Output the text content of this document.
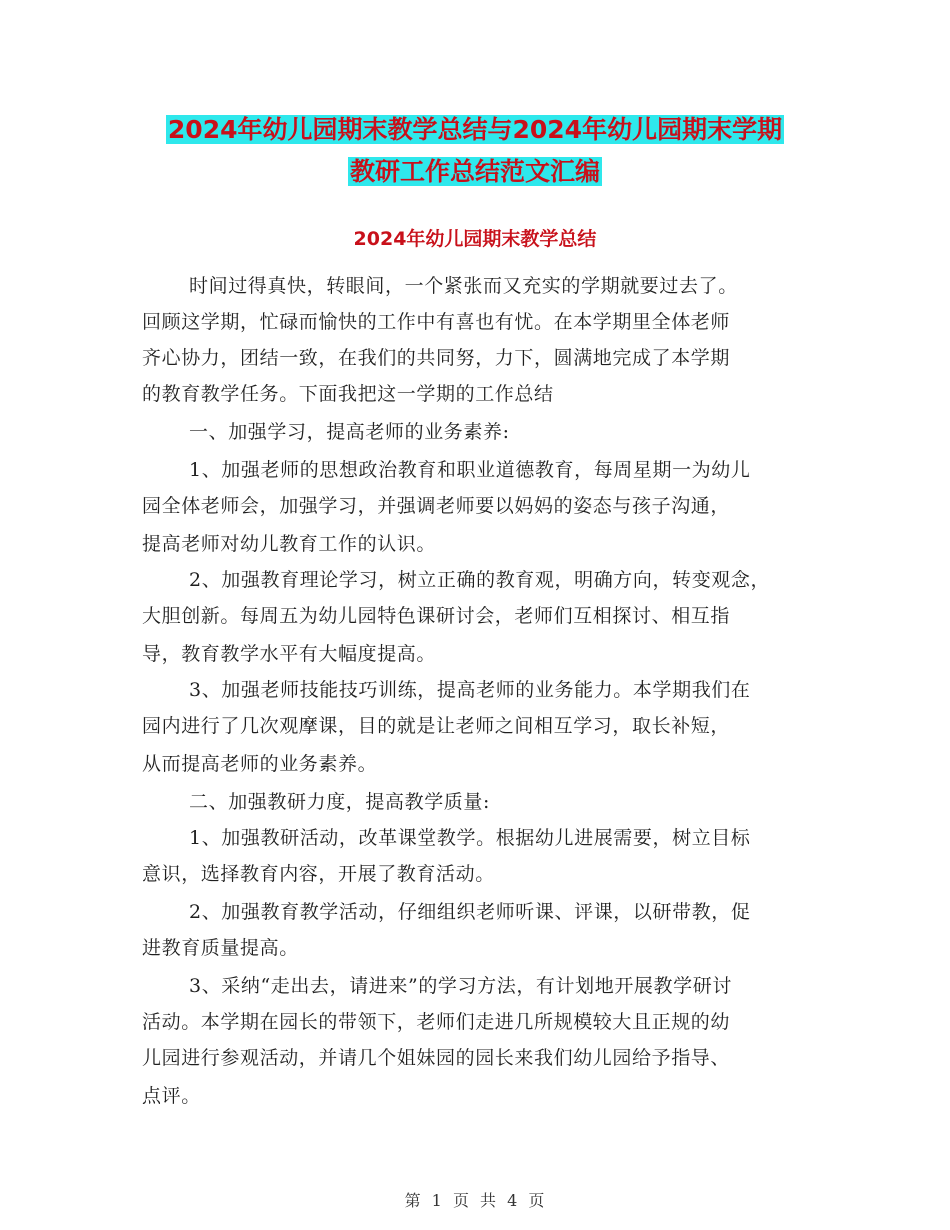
2024年幼儿园期末教学总结与2024年幼儿园期末学期
教研工作总结范文汇编
2024年幼儿园期末教学总结
时间过得真快，转眼间，一个紧张而又充实的学期就要过去了。
回顾这学期，忙碌而愉快的工作中有喜也有忧。在本学期里全体老师
齐心协力，团结一致，在我们的共同努，力下，圆满地完成了本学期
的教育教学任务。下面我把这一学期的工作总结
一、加强学习，提高老师的业务素养:
1、加强老师的思想政治教育和职业道德教育，每周星期一为幼儿
园全体老师会，加强学习，并强调老师要以妈妈的姿态与孩子沟通，
提高老师对幼儿教育工作的认识。
2、加强教育理论学习，树立正确的教育观，明确方向，转变观念，
大胆创新。每周五为幼儿园特色课研讨会，老师们互相探讨、相互指
导，教育教学水平有大幅度提高。
3、加强老师技能技巧训练，提高老师的业务能力。本学期我们在
园内进行了几次观摩课，目的就是让老师之间相互学习，取长补短，
从而提高老师的业务素养。
二、加强教研力度，提高教学质量:
1、加强教研活动，改革课堂教学。根据幼儿进展需要，树立目标
意识，选择教育内容，开展了教育活动。
2、加强教育教学活动，仔细组织老师听课、评课，以研带教，促
进教育质量提高。
3、采纳“走出去，请进来”的学习方法，有计划地开展教学研讨
活动。本学期在园长的带领下，老师们走进几所规模较大且正规的幼
儿园进行参观活动，并请几个姐妹园的园长来我们幼儿园给予指导、
点评。
第 1 页 共 4 页
